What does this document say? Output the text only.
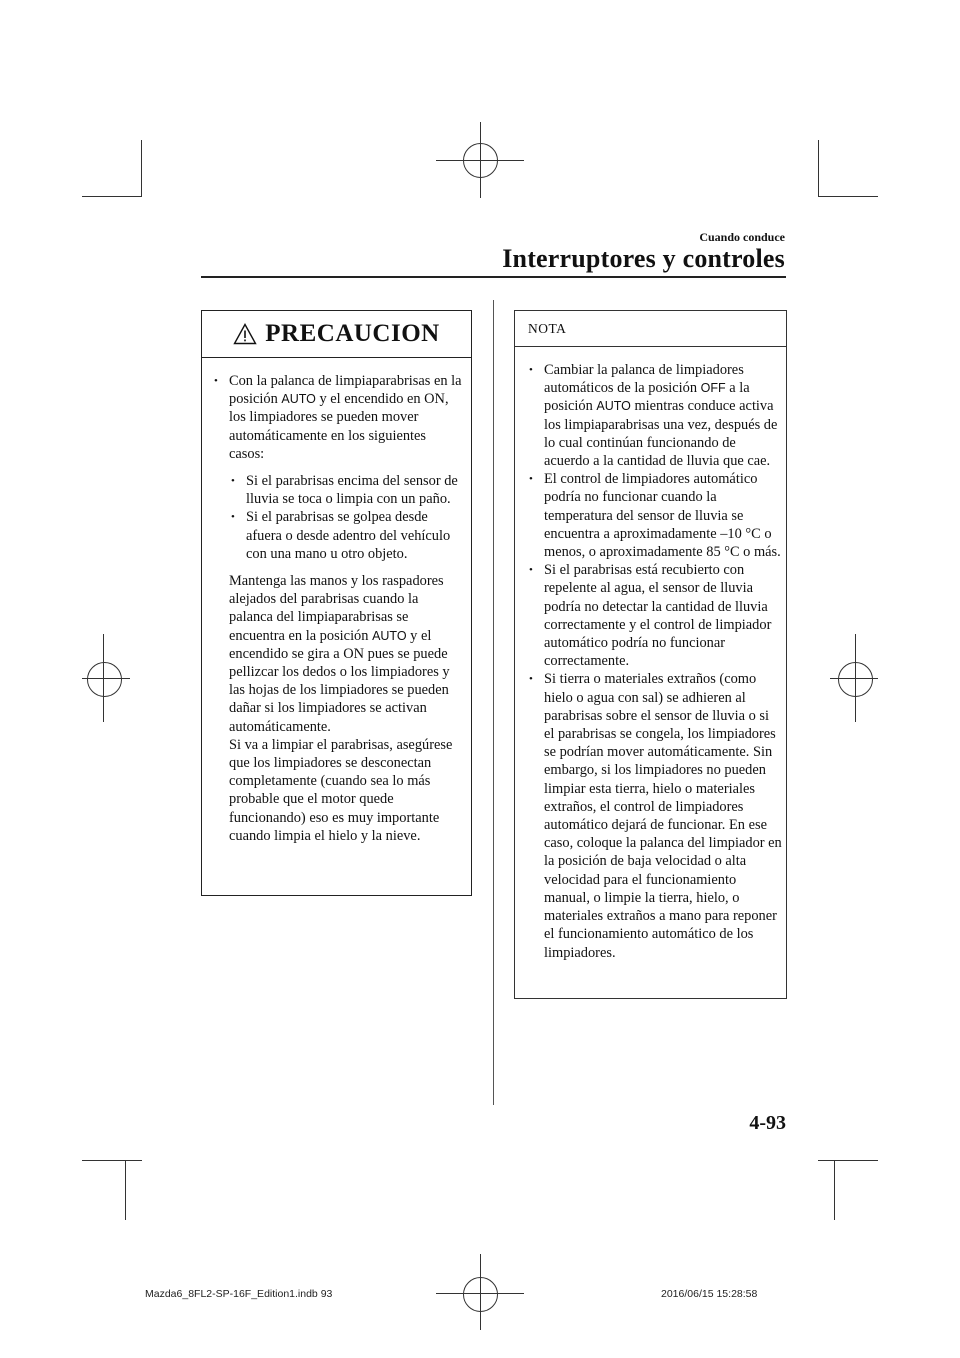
Cuando conduce
Interruptores y controles
PRECAUCION
• Con la palanca de limpiaparabrisas en la posición AUTO y el encendido en ON, los limpiadores se pueden mover automáticamente en los siguientes casos:
• Si el parabrisas encima del sensor de lluvia se toca o limpia con un paño.
• Si el parabrisas se golpea desde afuera o desde adentro del vehículo con una mano u otro objeto.

Mantenga las manos y los raspadores alejados del parabrisas cuando la palanca del limpiaparabrisas se encuentra en la posición AUTO y el encendido se gira a ON pues se puede pellizcar los dedos o los limpiadores y las hojas de los limpiadores se pueden dañar si los limpiadores se activan automáticamente.

Si va a limpiar el parabrisas, asegúrese que los limpiadores se desconectan completamente (cuando sea lo más probable que el motor quede funcionando) eso es muy importante cuando limpia el hielo y la nieve.

NOTA
• Cambiar la palanca de limpiadores automáticos de la posición OFF a la posición AUTO mientras conduce activa los limpiaparabrisas una vez, después de lo cual continúan funcionando de acuerdo a la cantidad de lluvia que cae.
• El control de limpiadores automático podría no funcionar cuando la temperatura del sensor de lluvia se encuentra a aproximadamente –10 °C o menos, o aproximadamente 85 °C o más.
• Si el parabrisas está recubierto con repelente al agua, el sensor de lluvia podría no detectar la cantidad de lluvia correctamente y el control de limpiador automático podría no funcionar correctamente.
• Si tierra o materiales extraños (como hielo o agua con sal) se adhieren al parabrisas sobre el sensor de lluvia o si el parabrisas se congela, los limpiadores se podrían mover automáticamente. Sin embargo, si los limpiadores no pueden limpiar esta tierra, hielo o materiales extraños, el control de limpiadores automático dejará de funcionar. En ese caso, coloque la palanca del limpiador en la posición de baja velocidad o alta velocidad para el funcionamiento manual, o limpie la tierra, hielo, o materiales extraños a mano para reponer el funcionamiento automático de los limpiadores.
4-93
Mazda6_8FL2-SP-16F_Edition1.indb 93	2016/06/15 15:28:58
